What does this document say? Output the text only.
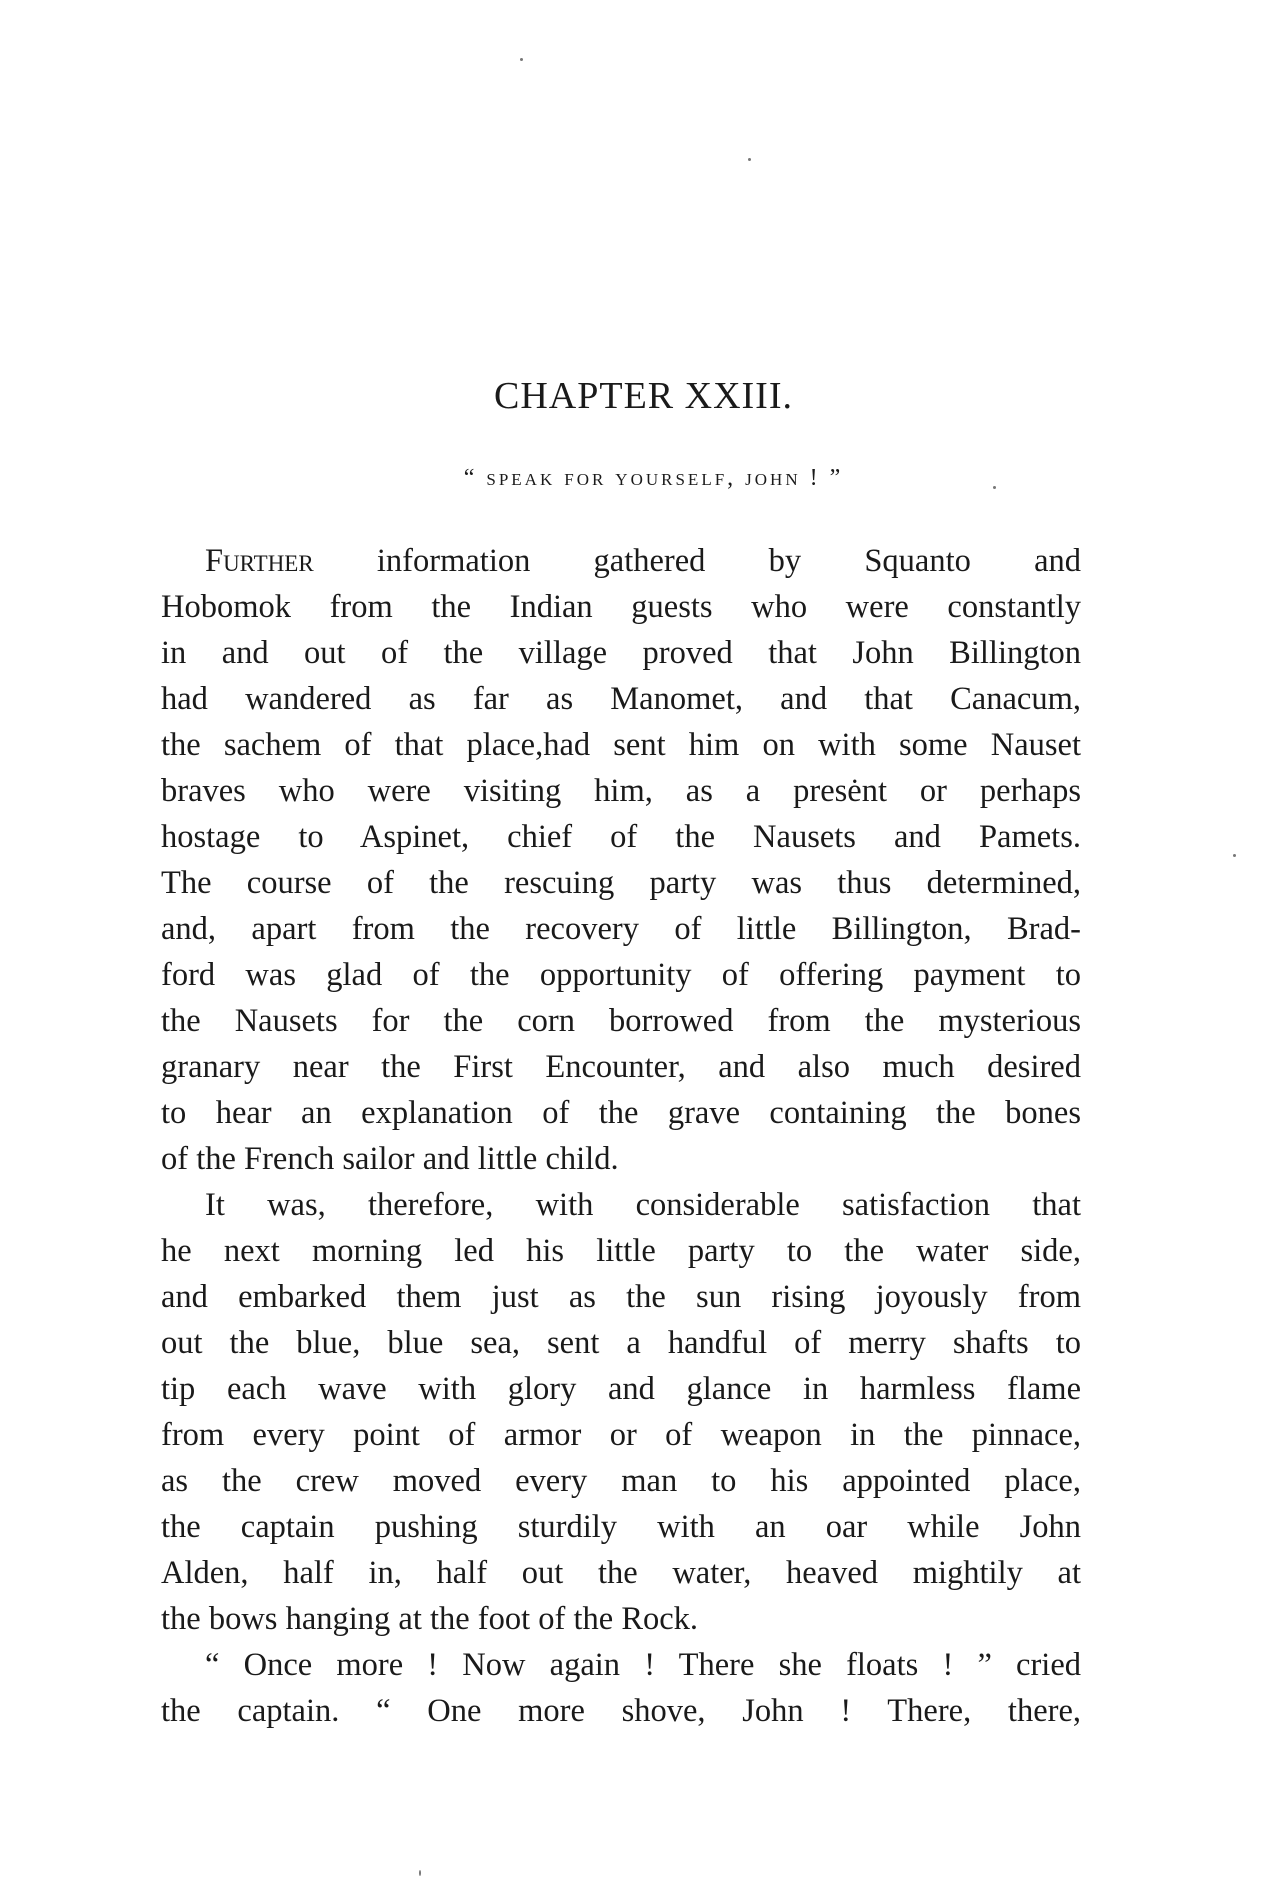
CHAPTER XXIII.
“ speak for yourself, john ! ”
Further information gathered by Squanto and
Hobomok from the Indian guests who were constantly
in and out of the village proved that John Billington
had wandered as far as Manomet, and that Canacum,
the sachem of that place,had sent him on with some Nauset
braves who were visiting him, as a presėnt or perhaps
hostage to Aspinet, chief of the Nausets and Pamets.
The course of the rescuing party was thus determined,
and, apart from the recovery of little Billington, Brad-
ford was glad of the opportunity of offering payment to
the Nausets for the corn borrowed from the mysterious
granary near the First Encounter, and also much desired
to hear an explanation of the grave containing the bones
of the French sailor and little child.
It was, therefore, with considerable satisfaction that
he next morning led his little party to the water side,
and embarked them just as the sun rising joyously from
out the blue, blue sea, sent a handful of merry shafts to
tip each wave with glory and glance in harmless flame
from every point of armor or of weapon in the pinnace,
as the crew moved every man to his appointed place,
the captain pushing sturdily with an oar while John
Alden, half in, half out the water, heaved mightily at
the bows hanging at the foot of the Rock.
“ Once more ! Now again ! There she floats ! ” cried
the captain. “ One more shove, John ! There, there,
